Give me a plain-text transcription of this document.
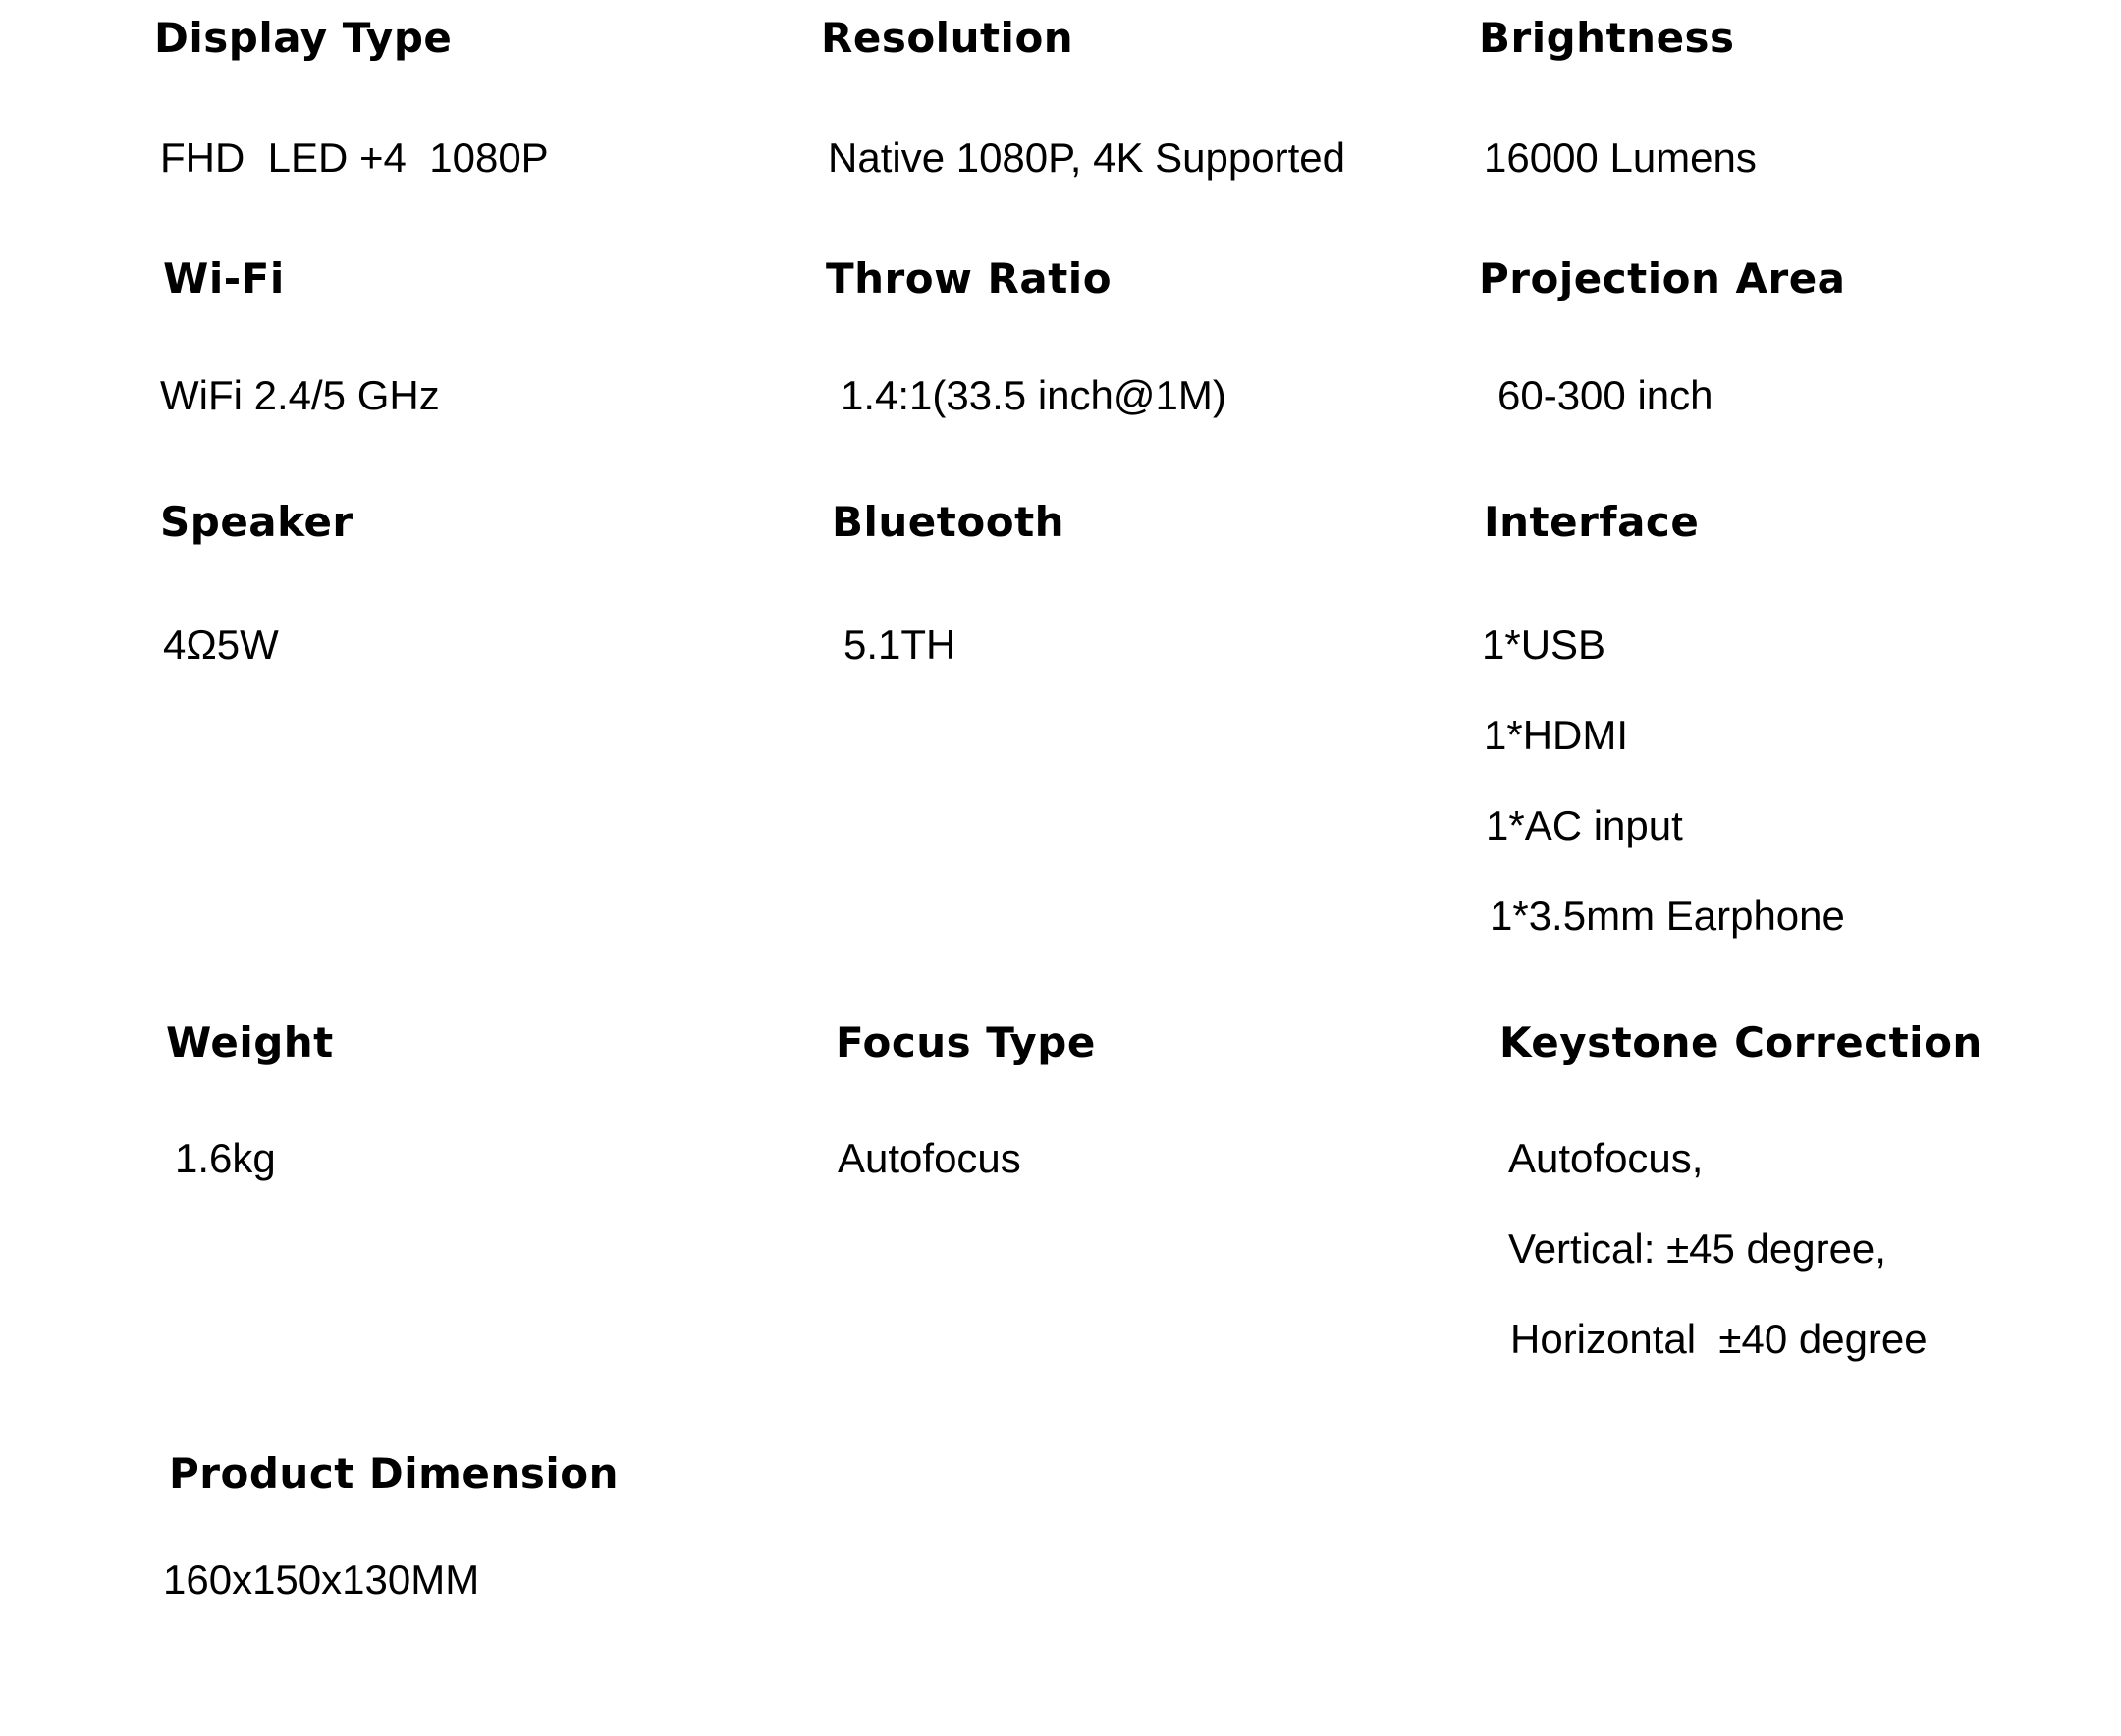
Display Type
FHD  LED +4  1080P
Resolution
Native 1080P, 4K Supported
Brightness
16000 Lumens
Wi-Fi
WiFi 2.4/5 GHz
Throw Ratio
1.4:1(33.5 inch@1M)
Projection Area
60-300 inch
Speaker
4Ω5W
Bluetooth
5.1TH
Interface
1*USB
1*HDMI
1*AC input
1*3.5mm Earphone
Weight
1.6kg
Focus Type
Autofocus
Keystone Correction
Autofocus,
Vertical: ±45 degree,
Horizontal  ±40 degree
Product Dimension
160x150x130MM
